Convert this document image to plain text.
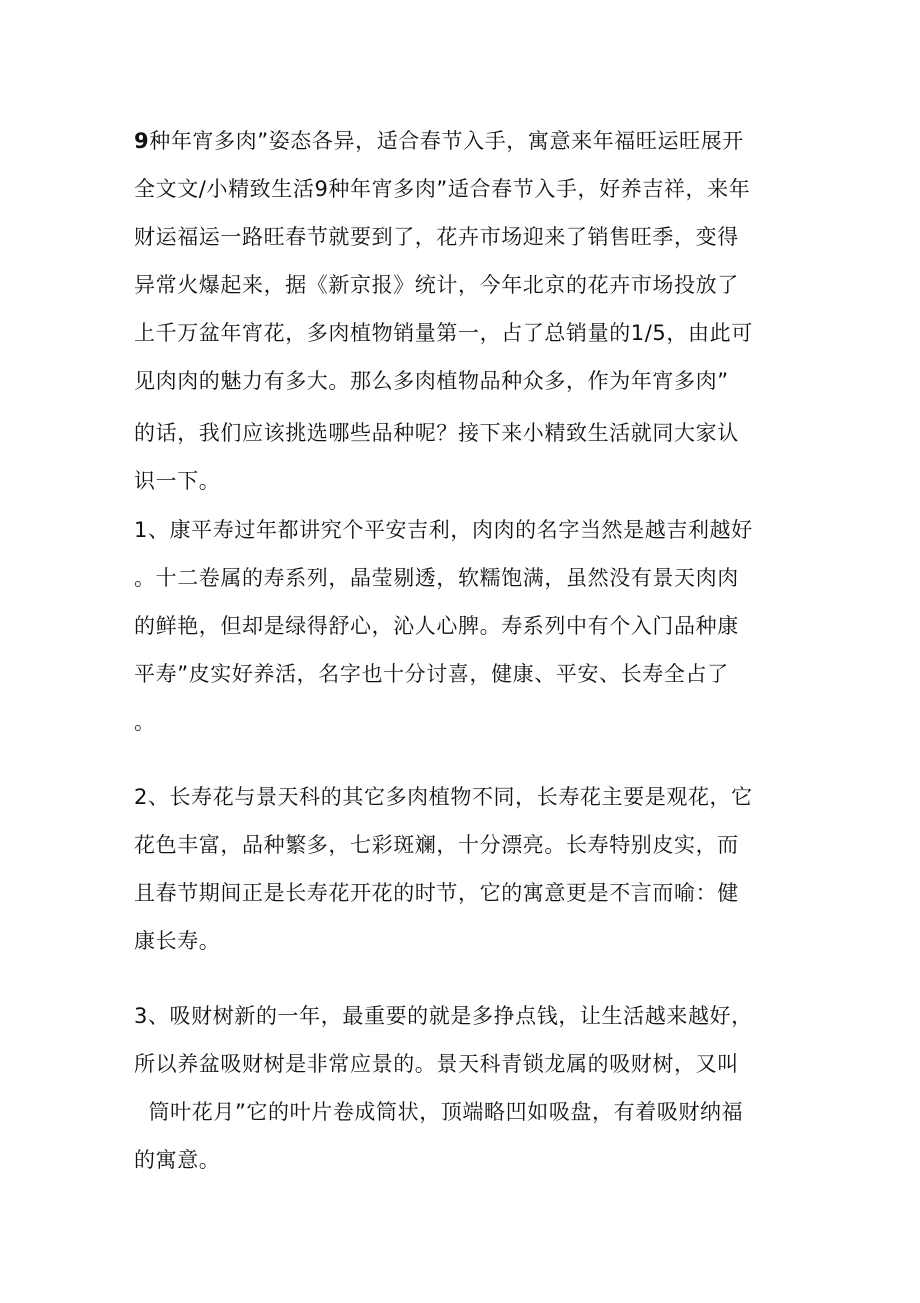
9种年宵多肉”姿态各异，适合春节入手，寓意来年福旺运旺展开
全文文/小精致生活9种年宵多肉”适合春节入手，好养吉祥，来年
财运福运一路旺春节就要到了，花卉市场迎来了销售旺季，变得
异常火爆起来，据《新京报》统计，今年北京的花卉市场投放了
上千万盆年宵花，多肉植物销量第一，占了总销量的1/5，由此可
见肉肉的魅力有多大。那么多肉植物品种众多，作为年宵多肉”
的话，我们应该挑选哪些品种呢？接下来小精致生活就同大家认
识一下。
1、康平寿过年都讲究个平安吉利，肉肉的名字当然是越吉利越好
。十二卷属的寿系列，晶莹剔透，软糯饱满，虽然没有景天肉肉
的鲜艳，但却是绿得舒心，沁人心脾。寿系列中有个入门品种康
平寿”皮实好养活，名字也十分讨喜，健康、平安、长寿全占了
。
2、长寿花与景天科的其它多肉植物不同，长寿花主要是观花，它
花色丰富，品种繁多，七彩斑斓，十分漂亮。长寿特别皮实，而
且春节期间正是长寿花开花的时节，它的寓意更是不言而喻：健
康长寿。
3、吸财树新的一年，最重要的就是多挣点钱，让生活越来越好，
所以养盆吸财树是非常应景的。景天科青锁龙属的吸财树，又叫
筒叶花月”它的叶片卷成筒状，顶端略凹如吸盘，有着吸财纳福
的寓意。
